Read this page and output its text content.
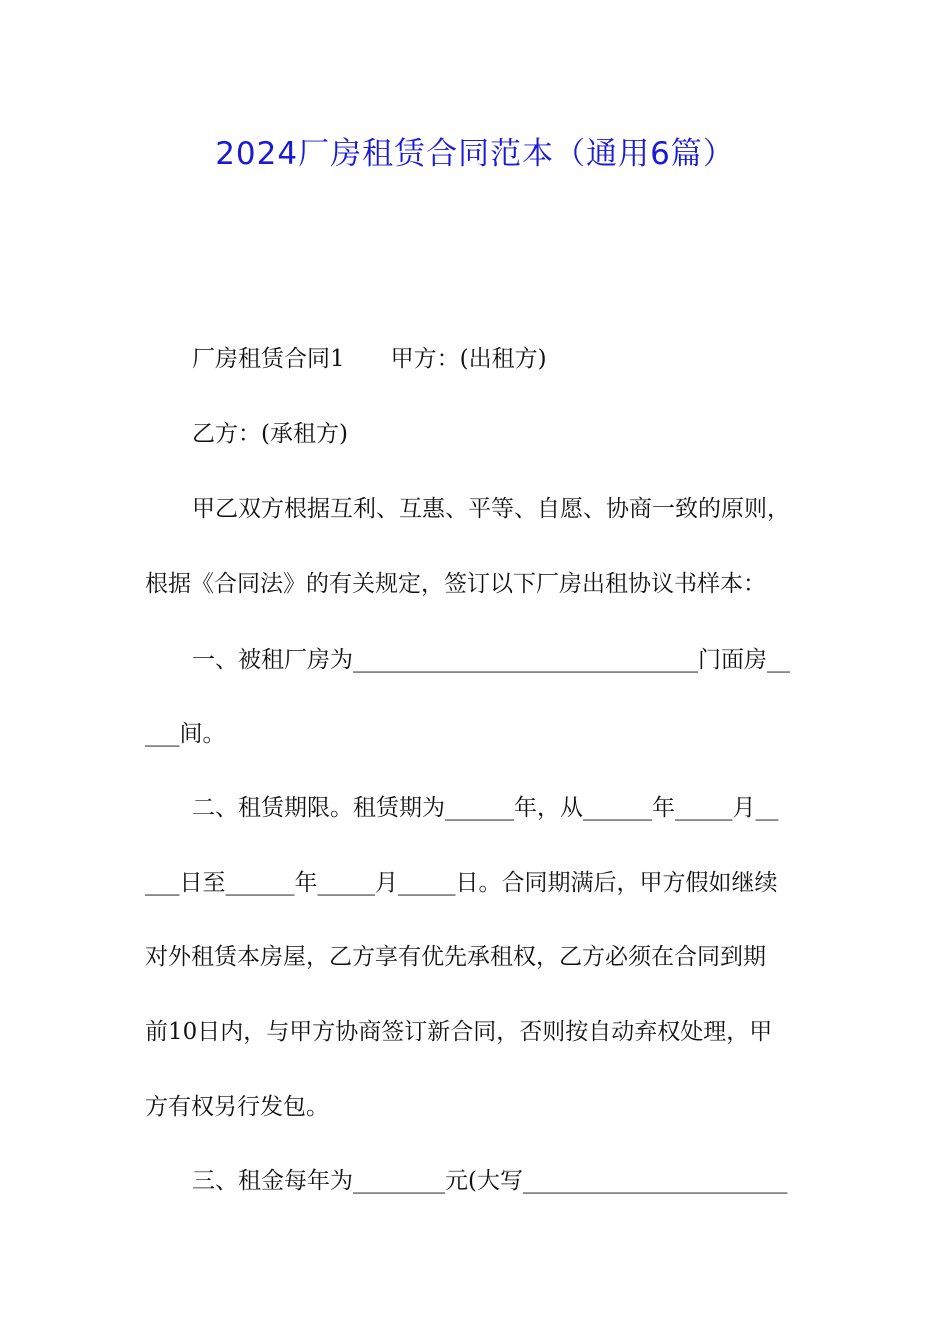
2024厂房租赁合同范本（通用6篇）
厂房租赁合同1　　甲方：(出租方)
乙方：(承租方)
甲乙双方根据互利、互惠、平等、自愿、协商一致的原则，
根据《合同法》的有关规定，签订以下厂房出租协议书样本：
一、被租厂房为______________________________门面房__
___间。
二、租赁期限。租赁期为______年，从______年_____月__
___日至______年_____月_____日。合同期满后，甲方假如继续
对外租赁本房屋，乙方享有优先承租权，乙方必须在合同到期
前10日内，与甲方协商签订新合同，否则按自动弃权处理，甲
方有权另行发包。
三、租金每年为________元(大写_______________________
